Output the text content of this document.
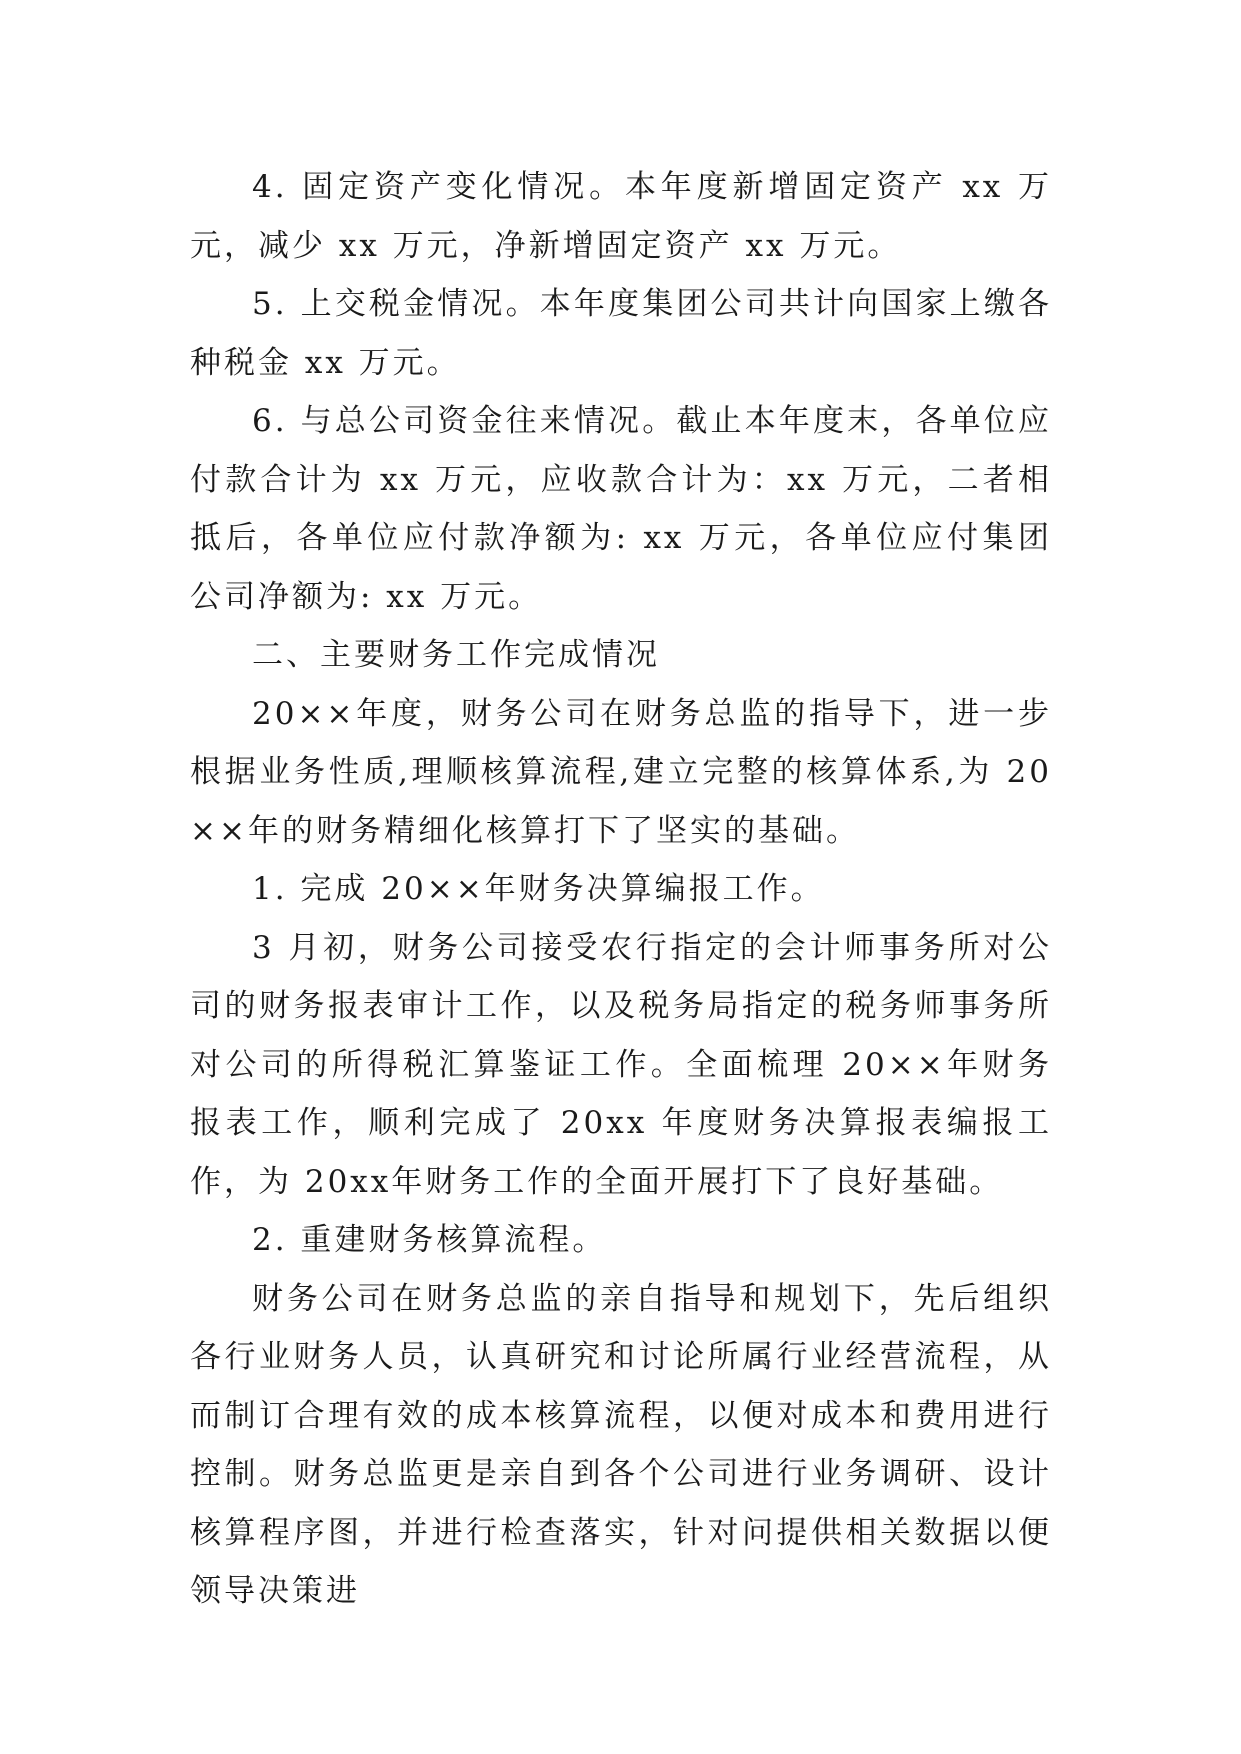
4. 固定资产变化情况。本年度新增固定资产 xx 万元，减少 xx 万元，净新增固定资产 xx 万元。

5. 上交税金情况。本年度集团公司共计向国家上缴各种税金 xx 万元。

6. 与总公司资金往来情况。截止本年度末，各单位应付款合计为 xx 万元，应收款合计为：xx 万元，二者相抵后，各单位应付款净额为: xx 万元，各单位应付集团公司净额为: xx 万元。

二、主要财务工作完成情况

20××年度，财务公司在财务总监的指导下，进一步根据业务性质,理顺核算流程,建立完整的核算体系,为 20××年的财务精细化核算打下了坚实的基础。

1. 完成 20××年财务决算编报工作。

3 月初，财务公司接受农行指定的会计师事务所对公司的财务报表审计工作，以及税务局指定的税务师事务所对公司的所得税汇算鉴证工作。全面梳理 20××年财务报表工作，顺利完成了 20xx 年度财务决算报表编报工作，为 20xx年财务工作的全面开展打下了良好基础。

2. 重建财务核算流程。

财务公司在财务总监的亲自指导和规划下，先后组织各行业财务人员，认真研究和讨论所属行业经营流程，从而制订合理有效的成本核算流程，以便对成本和费用进行控制。财务总监更是亲自到各个公司进行业务调研、设计核算程序图，并进行检查落实，针对问提供相关数据以便领导决策进
